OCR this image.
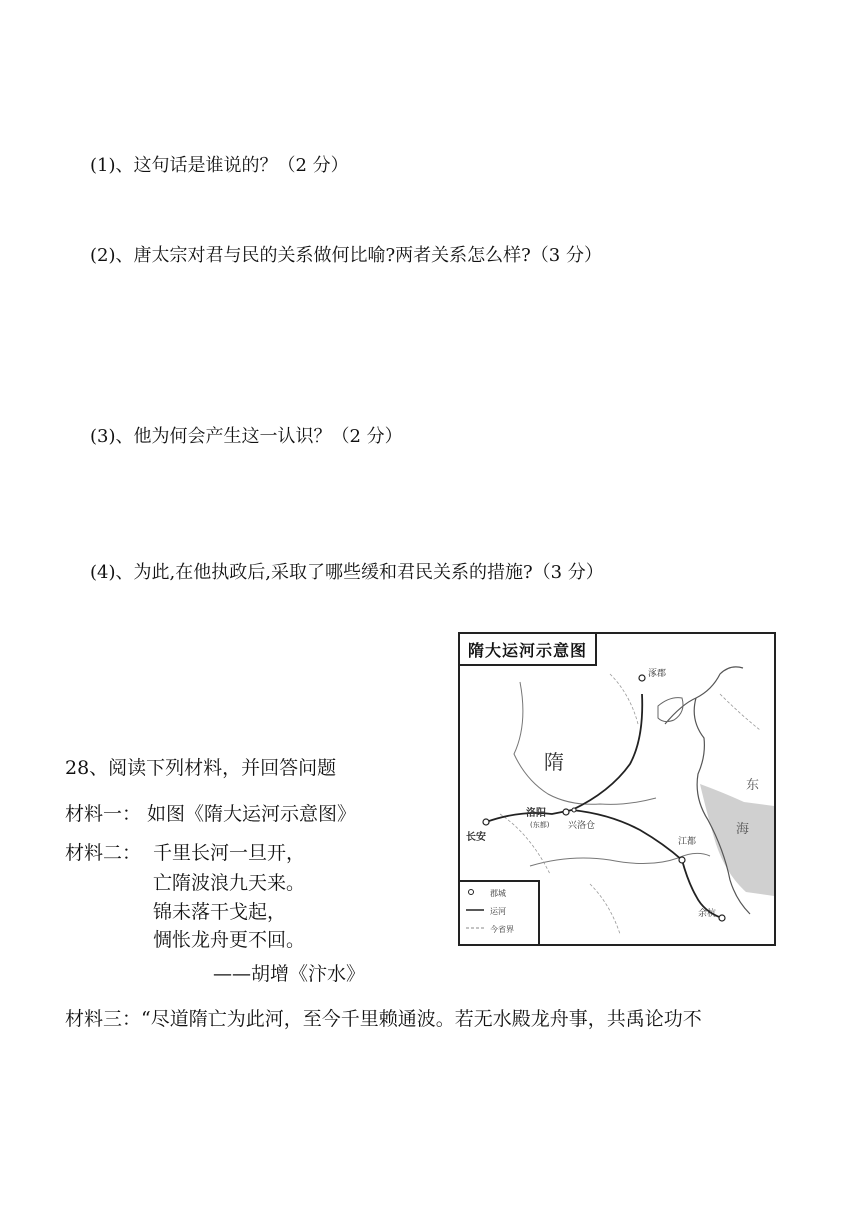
(1)、这句话是谁说的？（2 分）
(2)、唐太宗对君与民的关系做何比喻?两者关系怎么样?（3 分）
(3)、他为何会产生这一认识？（2 分）
(4)、为此,在他执政后,采取了哪些缓和君民关系的措施?（3 分）
28、阅读下列材料，并回答问题
材料一： 如图《隋大运河示意图》
材料二： 千里长河一旦开，
亡隋波浪九天来。
锦未落干戈起，
惆怅龙舟更不回。
——胡增《汴水》
材料三：“尽道隋亡为此河，至今千里赖通波。若无水殿龙舟事，共禹论功不
隋大运河示意图
涿郡
隋
洛阳
(东都) 兴洛仓
长安	江都
余杭
东
海
郡城
运河
今省界
